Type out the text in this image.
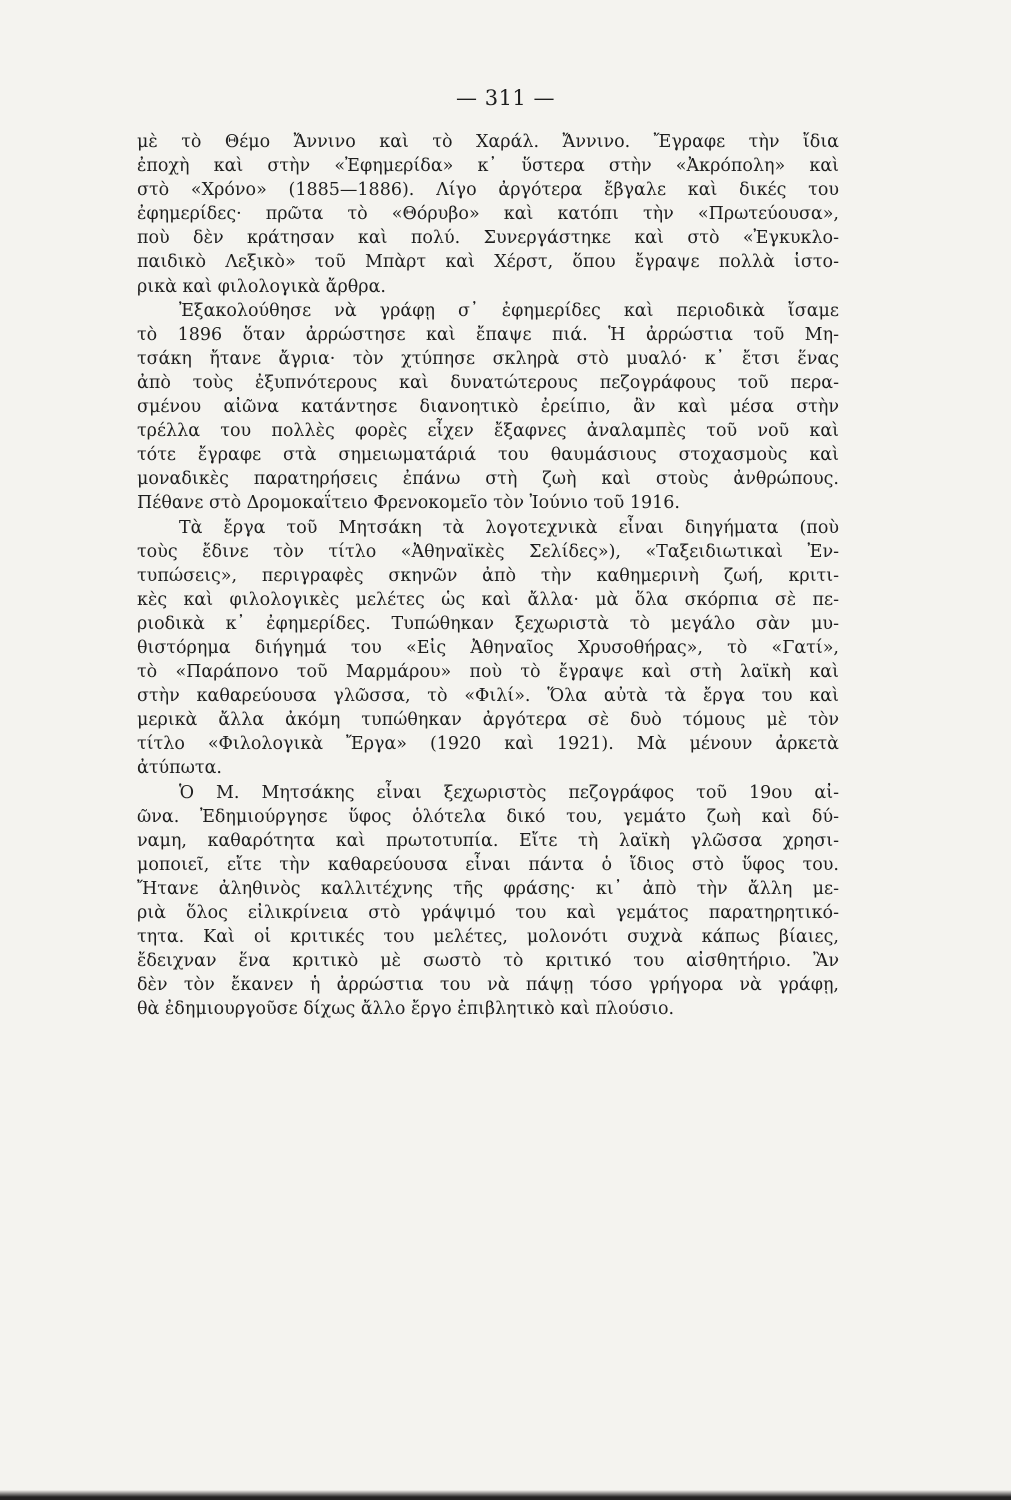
— 311 —
μὲ τὸ Θέμο Ἄννινο καὶ τὸ Χαράλ. Ἄννινο. Ἔγραφε τὴν ἴδια
ἐποχὴ καὶ στὴν «Ἐφημερίδα» κ᾽ ὕστερα στὴν «Ἀκρόπολη» καὶ
στὸ «Χρόνο» (1885—1886). Λίγο ἀργότερα ἔβγαλε καὶ δικές του
ἐφημερίδες· πρῶτα τὸ «Θόρυβο» καὶ κατόπι τὴν «Πρωτεύουσα»,
ποὺ δὲν κράτησαν καὶ πολύ. Συνεργάστηκε καὶ στὸ «Ἐγκυκλο-
παιδικὸ Λεξικὸ» τοῦ Μπὰρτ καὶ Χέρστ, ὅπου ἔγραψε πολλὰ ἱστο-
ρικὰ καὶ φιλολογικὰ ἄρθρα.
Ἐξακολούθησε νὰ γράφῃ σ᾽ ἐφημερίδες καὶ περιοδικὰ ἴσαμε
τὸ 1896 ὅταν ἀρρώστησε καὶ ἔπαψε πιά. Ἡ ἀρρώστια τοῦ Μη-
τσάκη ἤτανε ἄγρια· τὸν χτύπησε σκληρὰ στὸ μυαλό· κ᾽ ἔτσι ἕνας
ἀπὸ τοὺς ἐξυπνότερους καὶ δυνατώτερους πεζογράφους τοῦ περα-
σμένου αἰῶνα κατάντησε διανοητικὸ ἐρείπιο, ἂν καὶ μέσα στὴν
τρέλλα του πολλὲς φορὲς εἶχεν ἔξαφνες ἀναλαμπὲς τοῦ νοῦ καὶ
τότε ἔγραφε στὰ σημειωματάριά του θαυμάσιους στοχασμοὺς καὶ
μοναδικὲς παρατηρήσεις ἐπάνω στὴ ζωὴ καὶ στοὺς ἀνθρώπους.
Πέθανε στὸ Δρομοκαΐτειο Φρενοκομεῖο τὸν Ἰούνιο τοῦ 1916.
Τὰ ἔργα τοῦ Μητσάκη τὰ λογοτεχνικὰ εἶναι διηγήματα (ποὺ
τοὺς ἔδινε τὸν τίτλο «Ἀθηναϊκὲς Σελίδες»), «Ταξειδιωτικαὶ Ἐν-
τυπώσεις», περιγραφὲς σκηνῶν ἀπὸ τὴν καθημερινὴ ζωή, κριτι-
κὲς καὶ φιλολογικὲς μελέτες ὡς καὶ ἄλλα· μὰ ὅλα σκόρπια σὲ πε-
ριοδικὰ κ᾽ ἐφημερίδες. Τυπώθηκαν ξεχωριστὰ τὸ μεγάλο σὰν μυ-
θιστόρημα διήγημά του «Εἰς Ἀθηναῖος Χρυσοθήρας», τὸ «Γατί»,
τὸ «Παράπονο τοῦ Μαρμάρου» ποὺ τὸ ἔγραψε καὶ στὴ λαϊκὴ καὶ
στὴν καθαρεύουσα γλῶσσα, τὸ «Φιλί». Ὅλα αὐτὰ τὰ ἔργα του καὶ
μερικὰ ἄλλα ἀκόμη τυπώθηκαν ἀργότερα σὲ δυὸ τόμους μὲ τὸν
τίτλο «Φιλολογικὰ Ἔργα» (1920 καὶ 1921). Μὰ μένουν ἀρκετὰ
ἀτύπωτα.
Ὁ Μ. Μητσάκης εἶναι ξεχωριστὸς πεζογράφος τοῦ 19ου αἰ-
ῶνα. Ἐδημιούργησε ὕφος ὁλότελα δικό του, γεμάτο ζωὴ καὶ δύ-
ναμη, καθαρότητα καὶ πρωτοτυπία. Εἴτε τὴ λαϊκὴ γλῶσσα χρησι-
μοποιεῖ, εἴτε τὴν καθαρεύουσα εἶναι πάντα ὁ ἴδιος στὸ ὕφος του.
Ἤτανε ἀληθινὸς καλλιτέχνης τῆς φράσης· κι᾽ ἀπὸ τὴν ἄλλη με-
ριὰ ὅλος εἰλικρίνεια στὸ γράψιμό του καὶ γεμάτος παρατηρητικό-
τητα. Καὶ οἱ κριτικές του μελέτες, μολονότι συχνὰ κάπως βίαιες,
ἔδειχναν ἕνα κριτικὸ μὲ σωστὸ τὸ κριτικό του αἰσθητήριο. Ἂν
δὲν τὸν ἔκανεν ἡ ἀρρώστια του νὰ πάψῃ τόσο γρήγορα νὰ γράφῃ,
θὰ ἐδημιουργοῦσε δίχως ἄλλο ἔργο ἐπιβλητικὸ καὶ πλούσιο.
